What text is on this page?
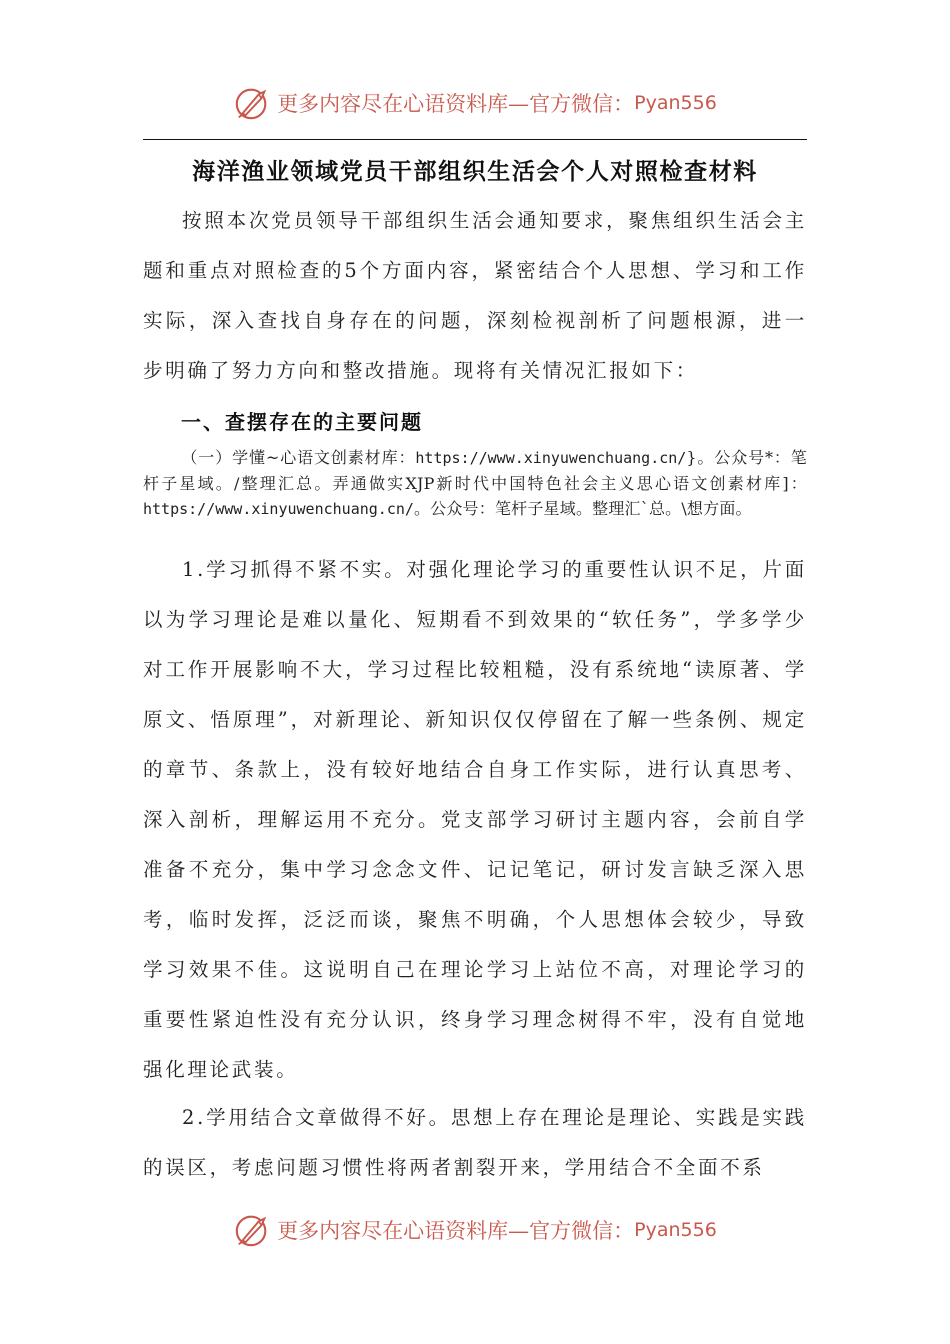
更多内容尽在心语资料库—官方微信： Pyan556
海洋渔业领域党员干部组织生活会个人对照检查材料

按照本次党员领导干部组织生活会通知要求，聚焦组织生活会主题和重点对照检查的5个方面内容，紧密结合个人思想、学习和工作实际，深入查找自身存在的问题，深刻检视剖析了问题根源，进一步明确了努力方向和整改措施。现将有关情况汇报如下：

一、查摆存在的主要问题

（一）学懂~心语文创素材库：https://www.xinyuwenchuang.cn/}。公众号*：笔杆子星域。/整理汇总。弄通做实XJP新时代中国特色社会主义思心语文创素材库]：https://www.xinyuwenchuang.cn/。公众号：笔杆子星域。整理汇`总。\想方面。

1.学习抓得不紧不实。对强化理论学习的重要性认识不足，片面以为学习理论是难以量化、短期看不到效果的“软任务”，学多学少对工作开展影响不大，学习过程比较粗糙，没有系统地“读原著、学原文、悟原理”，对新理论、新知识仅仅停留在了解一些条例、规定的章节、条款上，没有较好地结合自身工作实际，进行认真思考、深入剖析，理解运用不充分。党支部学习研讨主题内容，会前自学准备不充分，集中学习念念文件、记记笔记，研讨发言缺乏深入思考，临时发挥，泛泛而谈，聚焦不明确，个人思想体会较少，导致学习效果不佳。这说明自己在理论学习上站位不高，对理论学习的重要性紧迫性没有充分认识，终身学习理念树得不牢，没有自觉地强化理论武装。

2.学用结合文章做得不好。思想上存在理论是理论、实践是实践的误区，考虑问题习惯性将两者割裂开来，学用结合不全面不系

更多内容尽在心语资料库—官方微信： Pyan556
